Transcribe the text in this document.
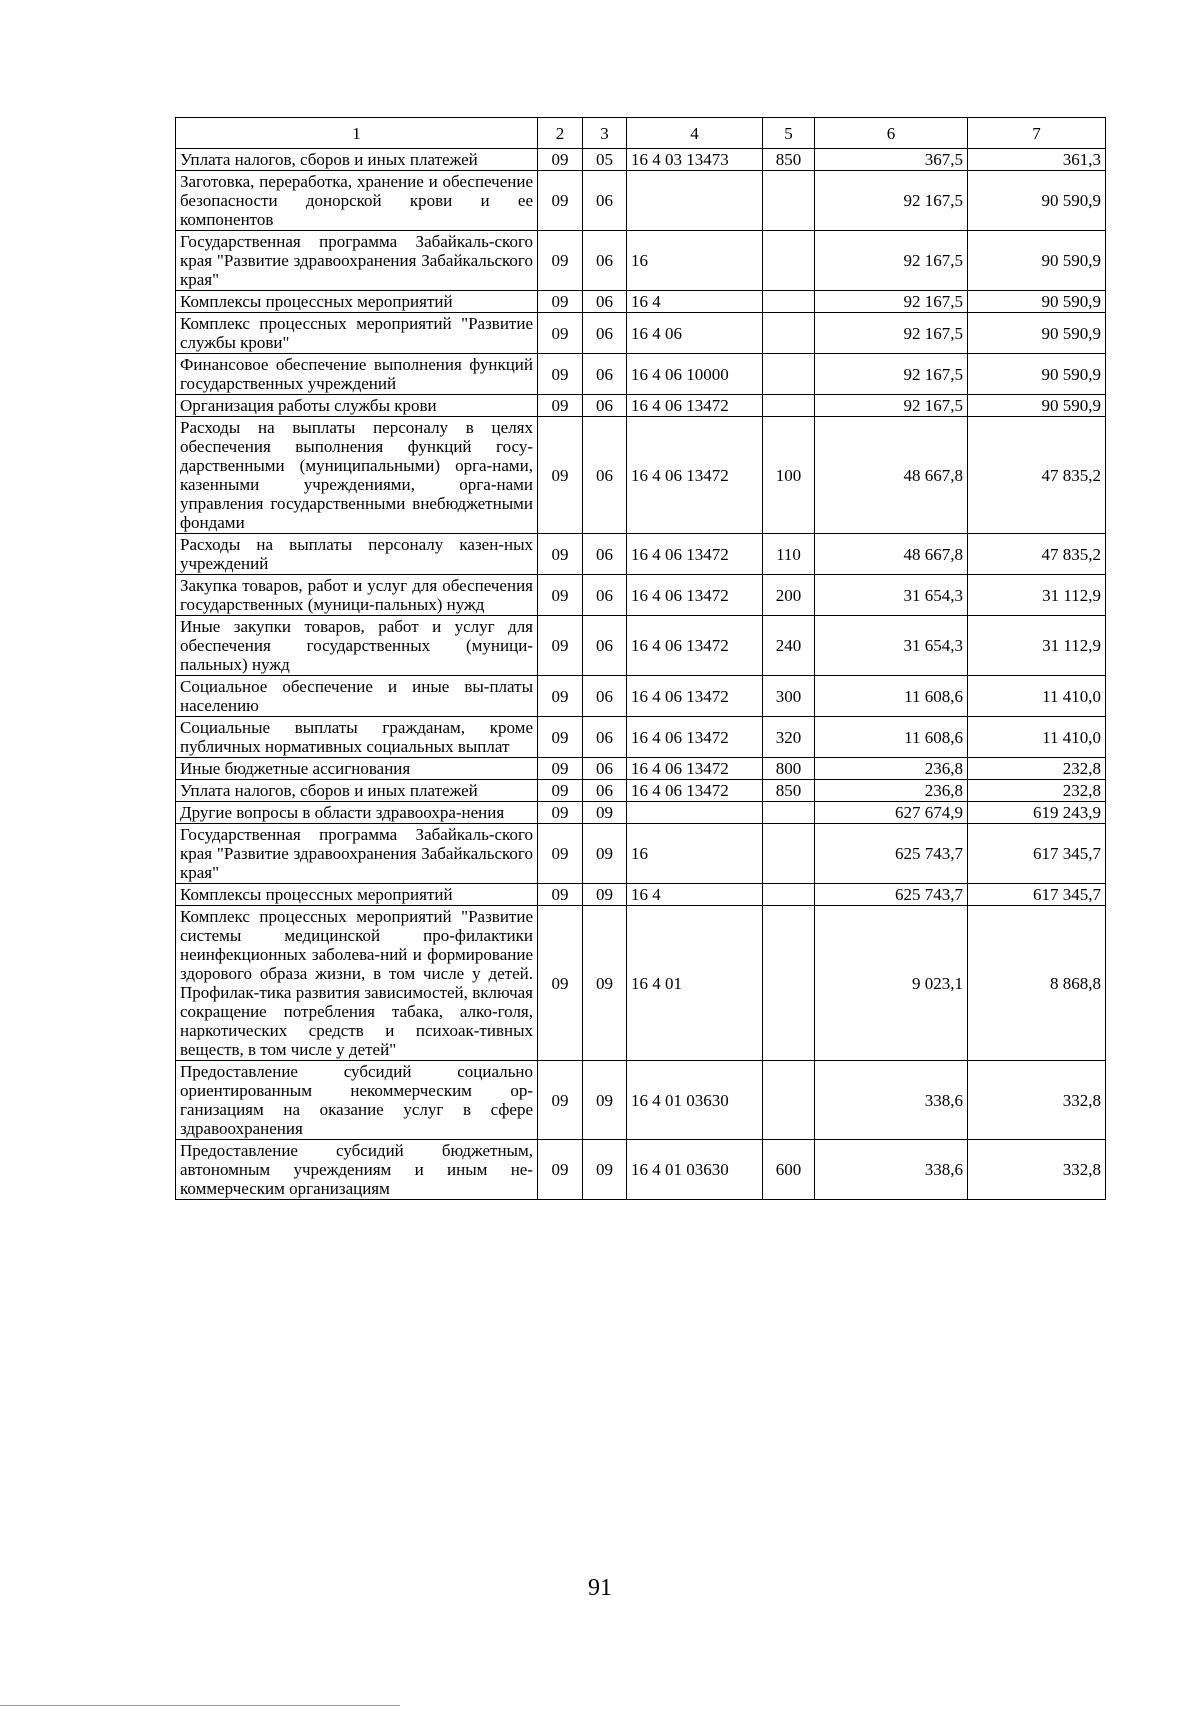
1	2	3	4	5	6	7
Уплата налогов, сборов и иных платежей	09	05	16 4 03 13473	850	367,5	361,3
Заготовка, переработка, хранение и обеспечение безопасности донорской крови и ее компонентов	09	06			92 167,5	90 590,9
Государственная программа Забайкаль-ского края "Развитие здравоохранения Забайкальского края"	09	06	16		92 167,5	90 590,9
Комплексы процессных мероприятий	09	06	16 4		92 167,5	90 590,9
Комплекс процессных мероприятий "Развитие службы крови"	09	06	16 4 06		92 167,5	90 590,9
Финансовое обеспечение выполнения функций государственных учреждений	09	06	16 4 06 10000		92 167,5	90 590,9
Организация работы службы крови	09	06	16 4 06 13472		92 167,5	90 590,9
Расходы на выплаты персоналу в целях обеспечения выполнения функций госу-дарственными (муниципальными) орга-нами, казенными учреждениями, орга-нами управления государственными внебюджетными фондами	09	06	16 4 06 13472	100	48 667,8	47 835,2
Расходы на выплаты персоналу казен-ных учреждений	09	06	16 4 06 13472	110	48 667,8	47 835,2
Закупка товаров, работ и услуг для обеспечения государственных (муници-пальных) нужд	09	06	16 4 06 13472	200	31 654,3	31 112,9
Иные закупки товаров, работ и услуг для обеспечения государственных (муници-пальных) нужд	09	06	16 4 06 13472	240	31 654,3	31 112,9
Социальное обеспечение и иные вы-платы населению	09	06	16 4 06 13472	300	11 608,6	11 410,0
Социальные выплаты гражданам, кроме публичных нормативных социальных выплат	09	06	16 4 06 13472	320	11 608,6	11 410,0
Иные бюджетные ассигнования	09	06	16 4 06 13472	800	236,8	232,8
Уплата налогов, сборов и иных платежей	09	06	16 4 06 13472	850	236,8	232,8
Другие вопросы в области здравоохра-нения	09	09			627 674,9	619 243,9
Государственная программа Забайкаль-ского края "Развитие здравоохранения Забайкальского края"	09	09	16		625 743,7	617 345,7
Комплексы процессных мероприятий	09	09	16 4		625 743,7	617 345,7
Комплекс процессных мероприятий "Развитие системы медицинской про-филактики неинфекционных заболева-ний и формирование здорового образа жизни, в том числе у детей. Профилак-тика развития зависимостей, включая сокращение потребления табака, алко-голя, наркотических средств и психоак-тивных веществ, в том числе у детей"	09	09	16 4 01		9 023,1	8 868,8
Предоставление субсидий социально ориентированным некоммерческим ор-ганизациям на оказание услуг в сфере здравоохранения	09	09	16 4 01 03630		338,6	332,8
Предоставление субсидий бюджетным, автономным учреждениям и иным не-коммерческим организациям	09	09	16 4 01 03630	600	338,6	332,8
91
